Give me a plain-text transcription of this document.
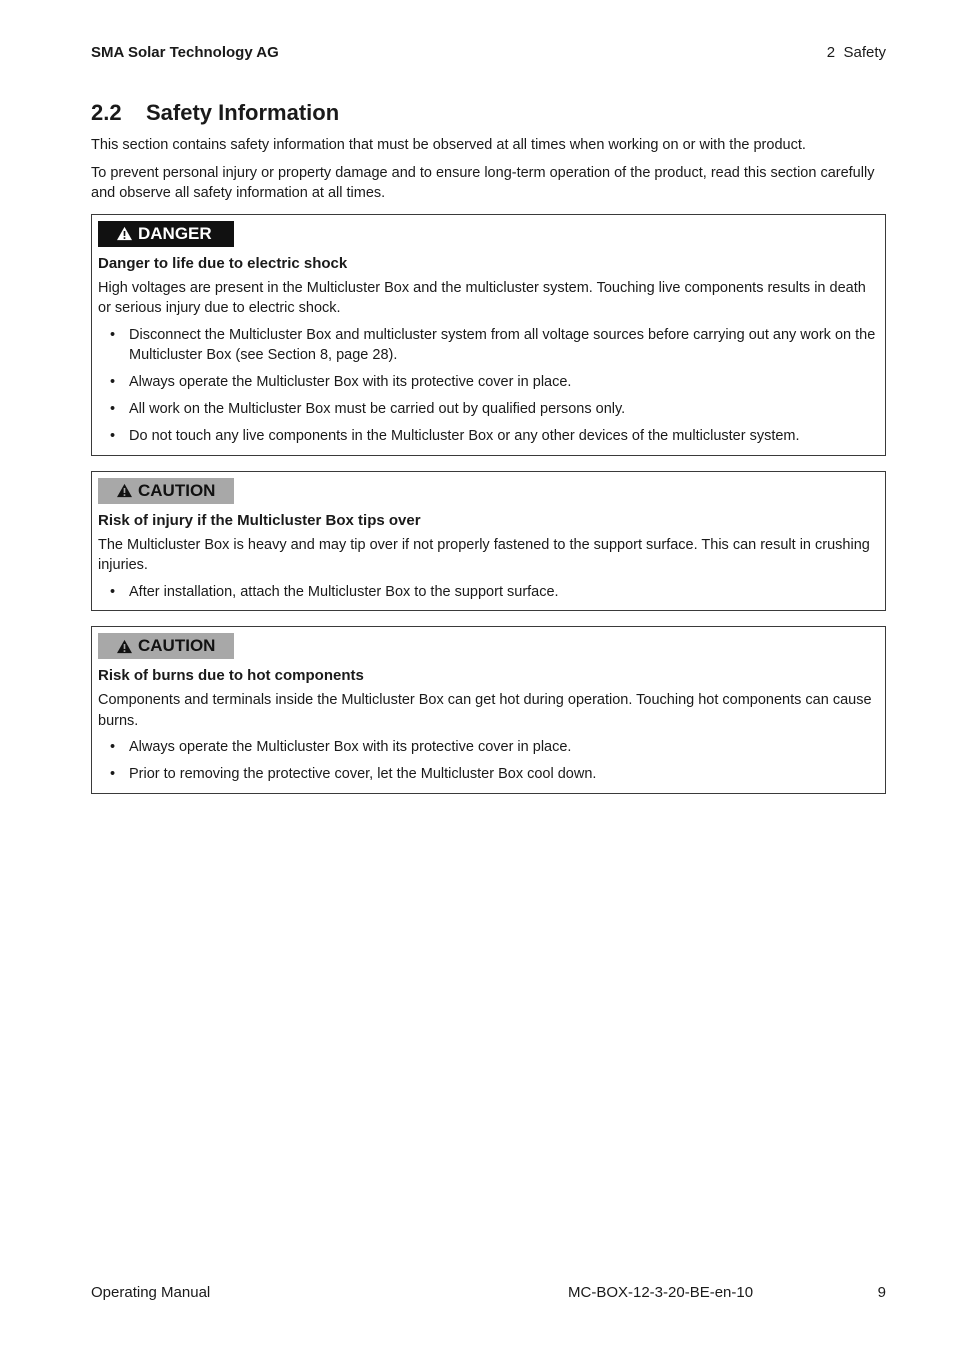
SMA Solar Technology AG	2  Safety
2.2	Safety Information

This section contains safety information that must be observed at all times when working on or with the product.

To prevent personal injury or property damage and to ensure long-term operation of the product, read this section carefully and observe all safety information at all times.

DANGER
Danger to life due to electric shock

High voltages are present in the Multicluster Box and the multicluster system. Touching live components results in death or serious injury due to electric shock.

• Disconnect the Multicluster Box and multicluster system from all voltage sources before carrying out any work on the Multicluster Box (see Section 8, page 28).
• Always operate the Multicluster Box with its protective cover in place.
• All work on the Multicluster Box must be carried out by qualified persons only.
• Do not touch any live components in the Multicluster Box or any other devices of the multicluster system.
CAUTION
Risk of injury if the Multicluster Box tips over

The Multicluster Box is heavy and may tip over if not properly fastened to the support surface. This can result in crushing injuries.

• After installation, attach the Multicluster Box to the support surface.
CAUTION
Risk of burns due to hot components

Components and terminals inside the Multicluster Box can get hot during operation. Touching hot components can cause burns.

• Always operate the Multicluster Box with its protective cover in place.
• Prior to removing the protective cover, let the Multicluster Box cool down.
Operating Manual	MC-BOX-12-3-20-BE-en-10	9
